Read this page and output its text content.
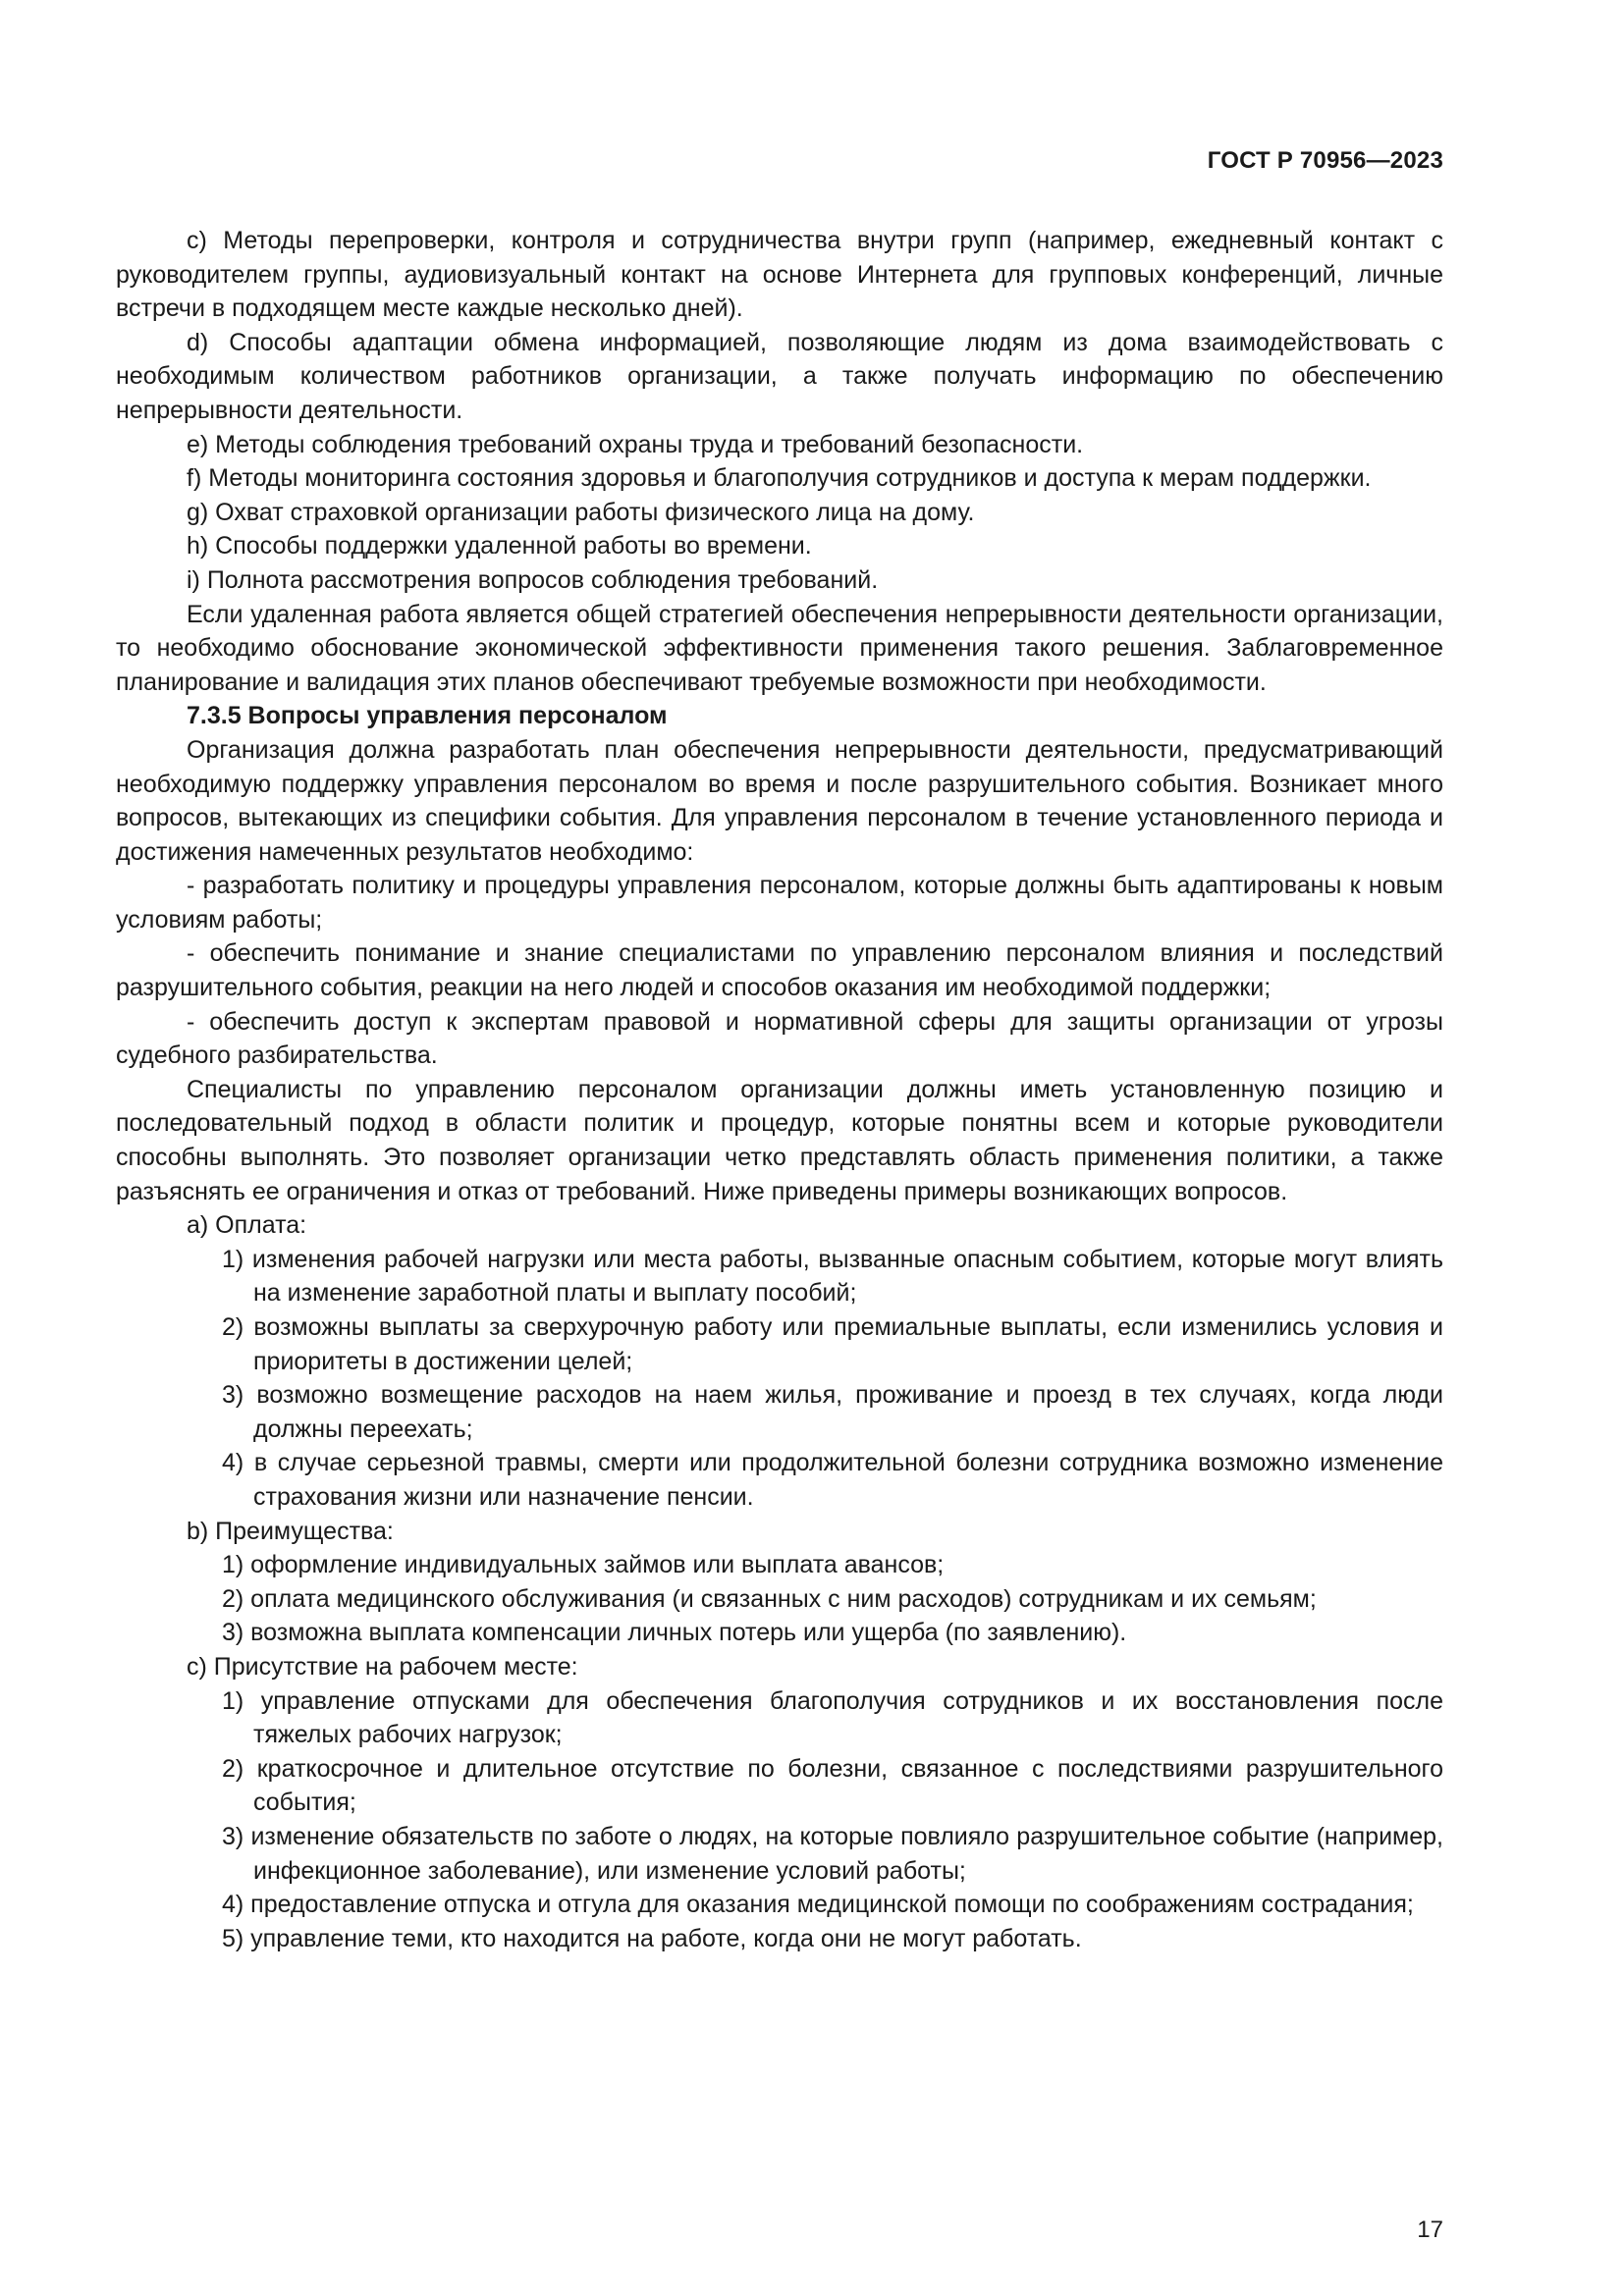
ГОСТ Р 70956—2023

c) Методы перепроверки, контроля и сотрудничества внутри групп (например, ежедневный контакт с руководителем группы, аудиовизуальный контакт на основе Интернета для групповых конференций, личные встречи в подходящем месте каждые несколько дней).

d) Способы адаптации обмена информацией, позволяющие людям из дома взаимодействовать с необходимым количеством работников организации, а также получать информацию по обеспечению непрерывности деятельности.

e) Методы соблюдения требований охраны труда и требований безопасности.

f) Методы мониторинга состояния здоровья и благополучия сотрудников и доступа к мерам поддержки.

g) Охват страховкой организации работы физического лица на дому.

h) Способы поддержки удаленной работы во времени.

i) Полнота рассмотрения вопросов соблюдения требований.

Если удаленная работа является общей стратегией обеспечения непрерывности деятельности организации, то необходимо обоснование экономической эффективности применения такого решения. Заблаговременное планирование и валидация этих планов обеспечивают требуемые возможности при необходимости.

7.3.5 Вопросы управления персоналом

Организация должна разработать план обеспечения непрерывности деятельности, предусматривающий необходимую поддержку управления персоналом во время и после разрушительного события. Возникает много вопросов, вытекающих из специфики события. Для управления персоналом в течение установленного периода и достижения намеченных результатов необходимо:

- разработать политику и процедуры управления персоналом, которые должны быть адаптированы к новым условиям работы;

- обеспечить понимание и знание специалистами по управлению персоналом влияния и последствий разрушительного события, реакции на него людей и способов оказания им необходимой поддержки;

- обеспечить доступ к экспертам правовой и нормативной сферы для защиты организации от угрозы судебного разбирательства.

Специалисты по управлению персоналом организации должны иметь установленную позицию и последовательный подход в области политик и процедур, которые понятны всем и которые руководители способны выполнять. Это позволяет организации четко представлять область применения политики, а также разъяснять ее ограничения и отказ от требований. Ниже приведены примеры возникающих вопросов.

a) Оплата:

1) изменения рабочей нагрузки или места работы, вызванные опасным событием, которые могут влиять на изменение заработной платы и выплату пособий;

2) возможны выплаты за сверхурочную работу или премиальные выплаты, если изменились условия и приоритеты в достижении целей;

3) возможно возмещение расходов на наем жилья, проживание и проезд в тех случаях, когда люди должны переехать;

4) в случае серьезной травмы, смерти или продолжительной болезни сотрудника возможно изменение страхования жизни или назначение пенсии.

b) Преимущества:

1) оформление индивидуальных займов или выплата авансов;

2) оплата медицинского обслуживания (и связанных с ним расходов) сотрудникам и их семьям;

3) возможна выплата компенсации личных потерь или ущерба (по заявлению).

c) Присутствие на рабочем месте:

1) управление отпусками для обеспечения благополучия сотрудников и их восстановления после тяжелых рабочих нагрузок;

2) краткосрочное и длительное отсутствие по болезни, связанное с последствиями разрушительного события;

3) изменение обязательств по заботе о людях, на которые повлияло разрушительное событие (например, инфекционное заболевание), или изменение условий работы;

4) предоставление отпуска и отгула для оказания медицинской помощи по соображениям сострадания;

5) управление теми, кто находится на работе, когда они не могут работать.

17
